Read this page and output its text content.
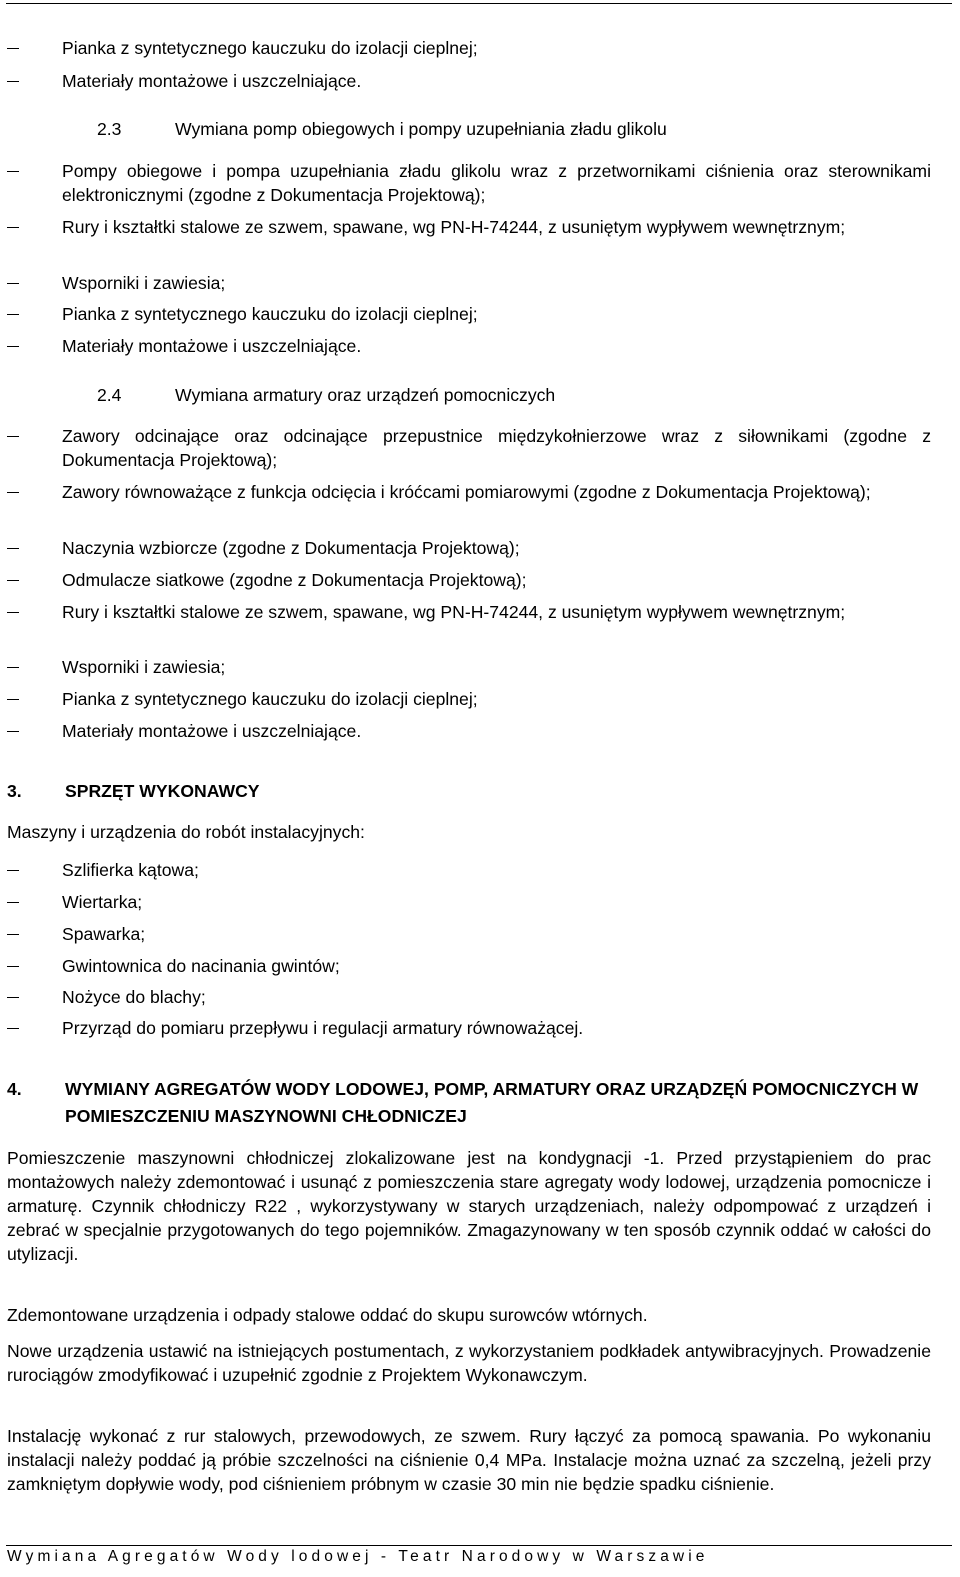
Pianka z syntetycznego kauczuku do izolacji cieplnej;
Materiały montażowe i uszczelniające.
2.3	Wymiana pomp obiegowych i pompy uzupełniania zładu glikolu
Pompy obiegowe i pompa uzupełniania zładu glikolu wraz z przetwornikami ciśnienia oraz sterownikami elektronicznymi (zgodne z Dokumentacja Projektową);
Rury i kształtki stalowe ze szwem, spawane, wg PN-H-74244, z usuniętym wypływem wewnętrznym;
Wsporniki i zawiesia;
Pianka z syntetycznego kauczuku do izolacji cieplnej;
Materiały montażowe i uszczelniające.
2.4	Wymiana armatury oraz urządzeń pomocniczych
Zawory odcinające oraz odcinające przepustnice międzykołnierzowe wraz z siłownikami (zgodne z Dokumentacja Projektową);
Zawory równoważące z funkcja odcięcia i króćcami pomiarowymi (zgodne z Dokumentacja Projektową);
Naczynia wzbiorcze (zgodne z Dokumentacja Projektową);
Odmulacze siatkowe (zgodne z Dokumentacja Projektową);
Rury i kształtki stalowe ze szwem, spawane, wg PN-H-74244, z usuniętym wypływem wewnętrznym;
Wsporniki i zawiesia;
Pianka z syntetycznego kauczuku do izolacji cieplnej;
Materiały montażowe i uszczelniające.
3. SPRZĘT WYKONAWCY
Maszyny i urządzenia do robót instalacyjnych:
Szlifierka kątowa;
Wiertarka;
Spawarka;
Gwintownica do nacinania gwintów;
Nożyce do blachy;
Przyrząd do pomiaru przepływu i regulacji armatury równoważącej.
4. WYMIANY AGREGATÓW WODY LODOWEJ, POMP, ARMATURY ORAZ URZĄDZĘŃ POMOCNICZYCH W POMIESZCZENIU MASZYNOWNI CHŁODNICZEJ
Pomieszczenie maszynowni chłodniczej zlokalizowane jest na kondygnacji -1. Przed przystąpieniem do prac montażowych należy zdemontować i usunąć z pomieszczenia stare agregaty wody lodowej, urządzenia pomocnicze i armaturę. Czynnik chłodniczy R22 , wykorzystywany w starych urządzeniach, należy odpompować z urządzeń i zebrać w specjalnie przygotowanych do tego pojemników. Zmagazynowany w ten sposób czynnik oddać w całości do utylizacji.
Zdemontowane urządzenia i odpady stalowe oddać do skupu surowców wtórnych.
Nowe urządzenia ustawić na istniejących postumentach, z wykorzystaniem podkładek antywibracyjnych. Prowadzenie rurociągów zmodyfikować i uzupełnić zgodnie z Projektem Wykonawczym.
Instalację wykonać z rur stalowych, przewodowych, ze szwem. Rury łączyć za pomocą spawania. Po wykonaniu instalacji należy poddać ją próbie szczelności na ciśnienie 0,4 MPa. Instalacje można uznać za szczelną, jeżeli przy zamkniętym dopływie wody, pod ciśnieniem próbnym w czasie 30 min nie będzie spadku ciśnienie.
Wymiana Agregatów Wody lodowej - Teatr Narodowy w Warszawie
